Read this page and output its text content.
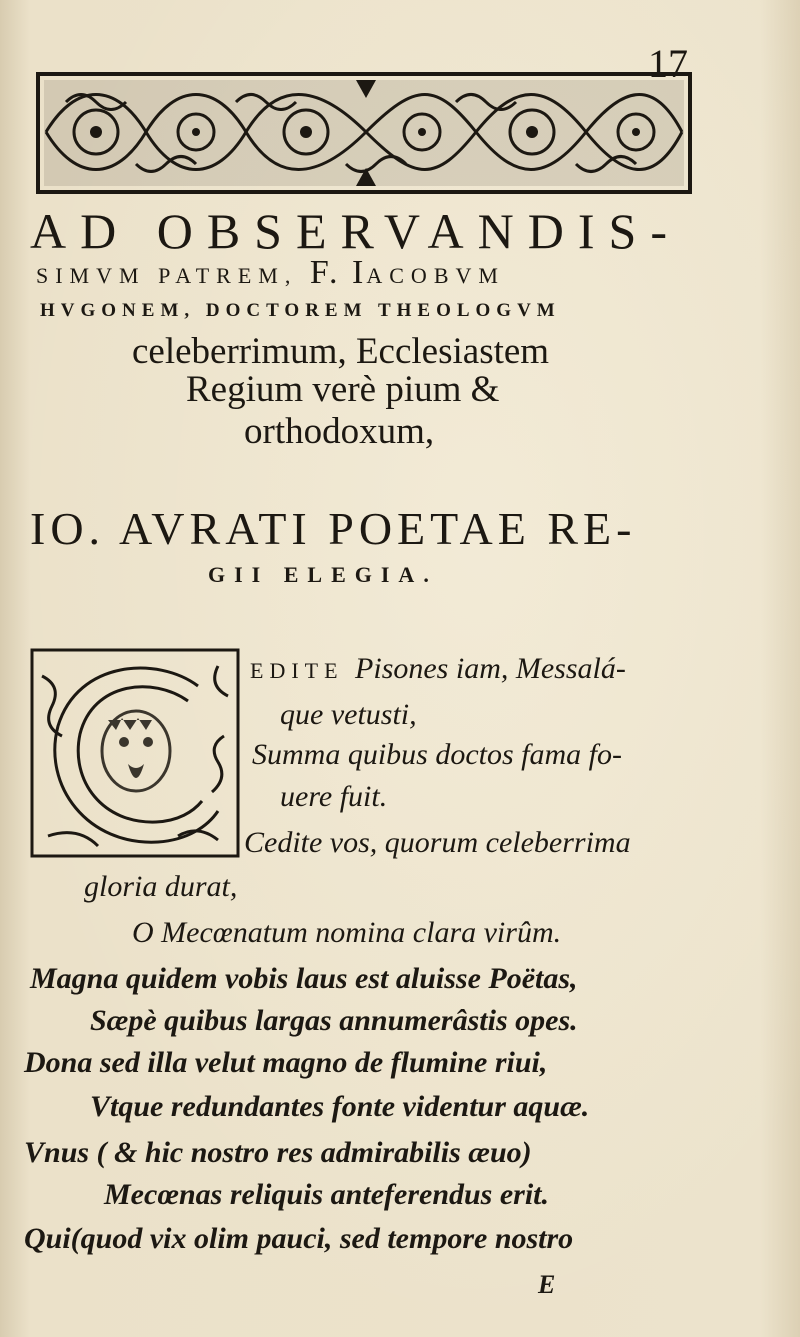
17
AD OBSERVANDIS-
SIMVM PATREM, F. IACOBVM
HVGONEM, DOCTOREM THEOLOGVM
celeberrimum, Ecclesiastem
Regium verè pium &
orthodoxum,
IO. AVRATI POETAE RE-
GII ELEGIA.
EDITE Pisones iam, Messalá-
que vetusti,
Summa quibus doctos fama fo-
uere fuit.
Cedite vos, quorum celeberrima
gloria durat,
O Mecœnatum nomina clara virûm.
Magna quidem vobis laus est aluisse Poëtas,
Sæpè quibus largas annumerâstis opes.
Dona sed illa velut magno de flumine riui,
Vtque redundantes fonte videntur aquæ.
Vnus ( & hic nostro res admirabilis æuo)
Mecœnas reliquis anteferendus erit.
Qui(quod vix olim pauci, sed tempore nostro
E
